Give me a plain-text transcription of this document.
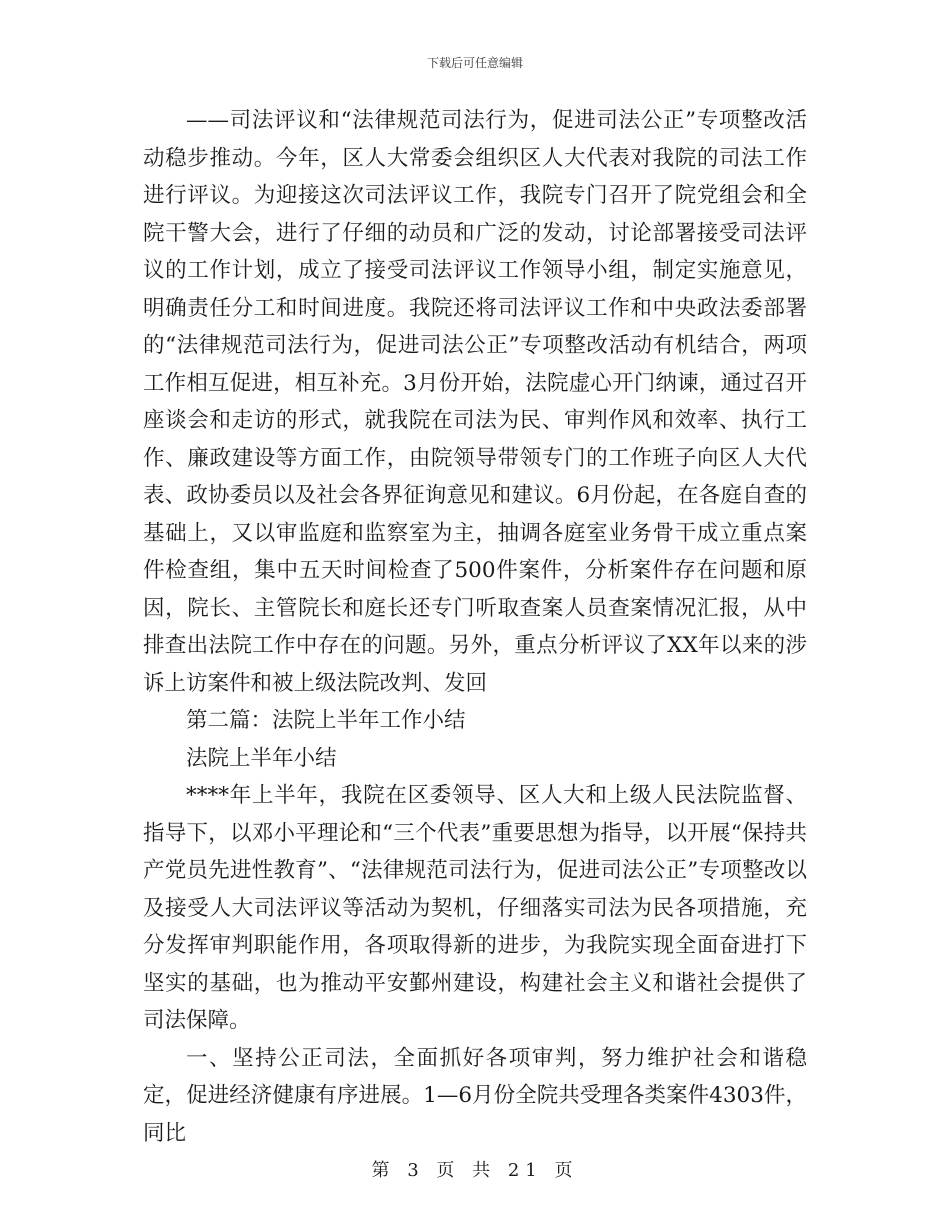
下载后可任意编辑

——司法评议和“法律规范司法行为，促进司法公正”专项整改活动稳步推动。今年，区人大常委会组织区人大代表对我院的司法工作进行评议。为迎接这次司法评议工作，我院专门召开了院党组会和全院干警大会，进行了仔细的动员和广泛的发动，讨论部署接受司法评议的工作计划，成立了接受司法评议工作领导小组，制定实施意见，明确责任分工和时间进度。我院还将司法评议工作和中央政法委部署的“法律规范司法行为，促进司法公正”专项整改活动有机结合，两项工作相互促进，相互补充。3月份开始，法院虚心开门纳谏，通过召开座谈会和走访的形式，就我院在司法为民、审判作风和效率、执行工作、廉政建设等方面工作，由院领导带领专门的工作班子向区人大代表、政协委员以及社会各界征询意见和建议。6月份起，在各庭自查的基础上，又以审监庭和监察室为主，抽调各庭室业务骨干成立重点案件检查组，集中五天时间检查了500件案件，分析案件存在问题和原因，院长、主管院长和庭长还专门听取查案人员查案情况汇报，从中排查出法院工作中存在的问题。另外，重点分析评议了XX年以来的涉诉上访案件和被上级法院改判、发回

第二篇：法院上半年工作小结

法院上半年小结

****年上半年，我院在区委领导、区人大和上级人民法院监督、指导下，以邓小平理论和“三个代表”重要思想为指导，以开展“保持共产党员先进性教育”、“法律规范司法行为，促进司法公正”专项整改以及接受人大司法评议等活动为契机，仔细落实司法为民各项措施，充分发挥审判职能作用，各项取得新的进步，为我院实现全面奋进打下坚实的基础，也为推动平安鄞州建设，构建社会主义和谐社会提供了司法保障。

一、坚持公正司法，全面抓好各项审判，努力维护社会和谐稳定，促进经济健康有序进展。1—6月份全院共受理各类案件4303件，同比

第 3 页 共 21 页
